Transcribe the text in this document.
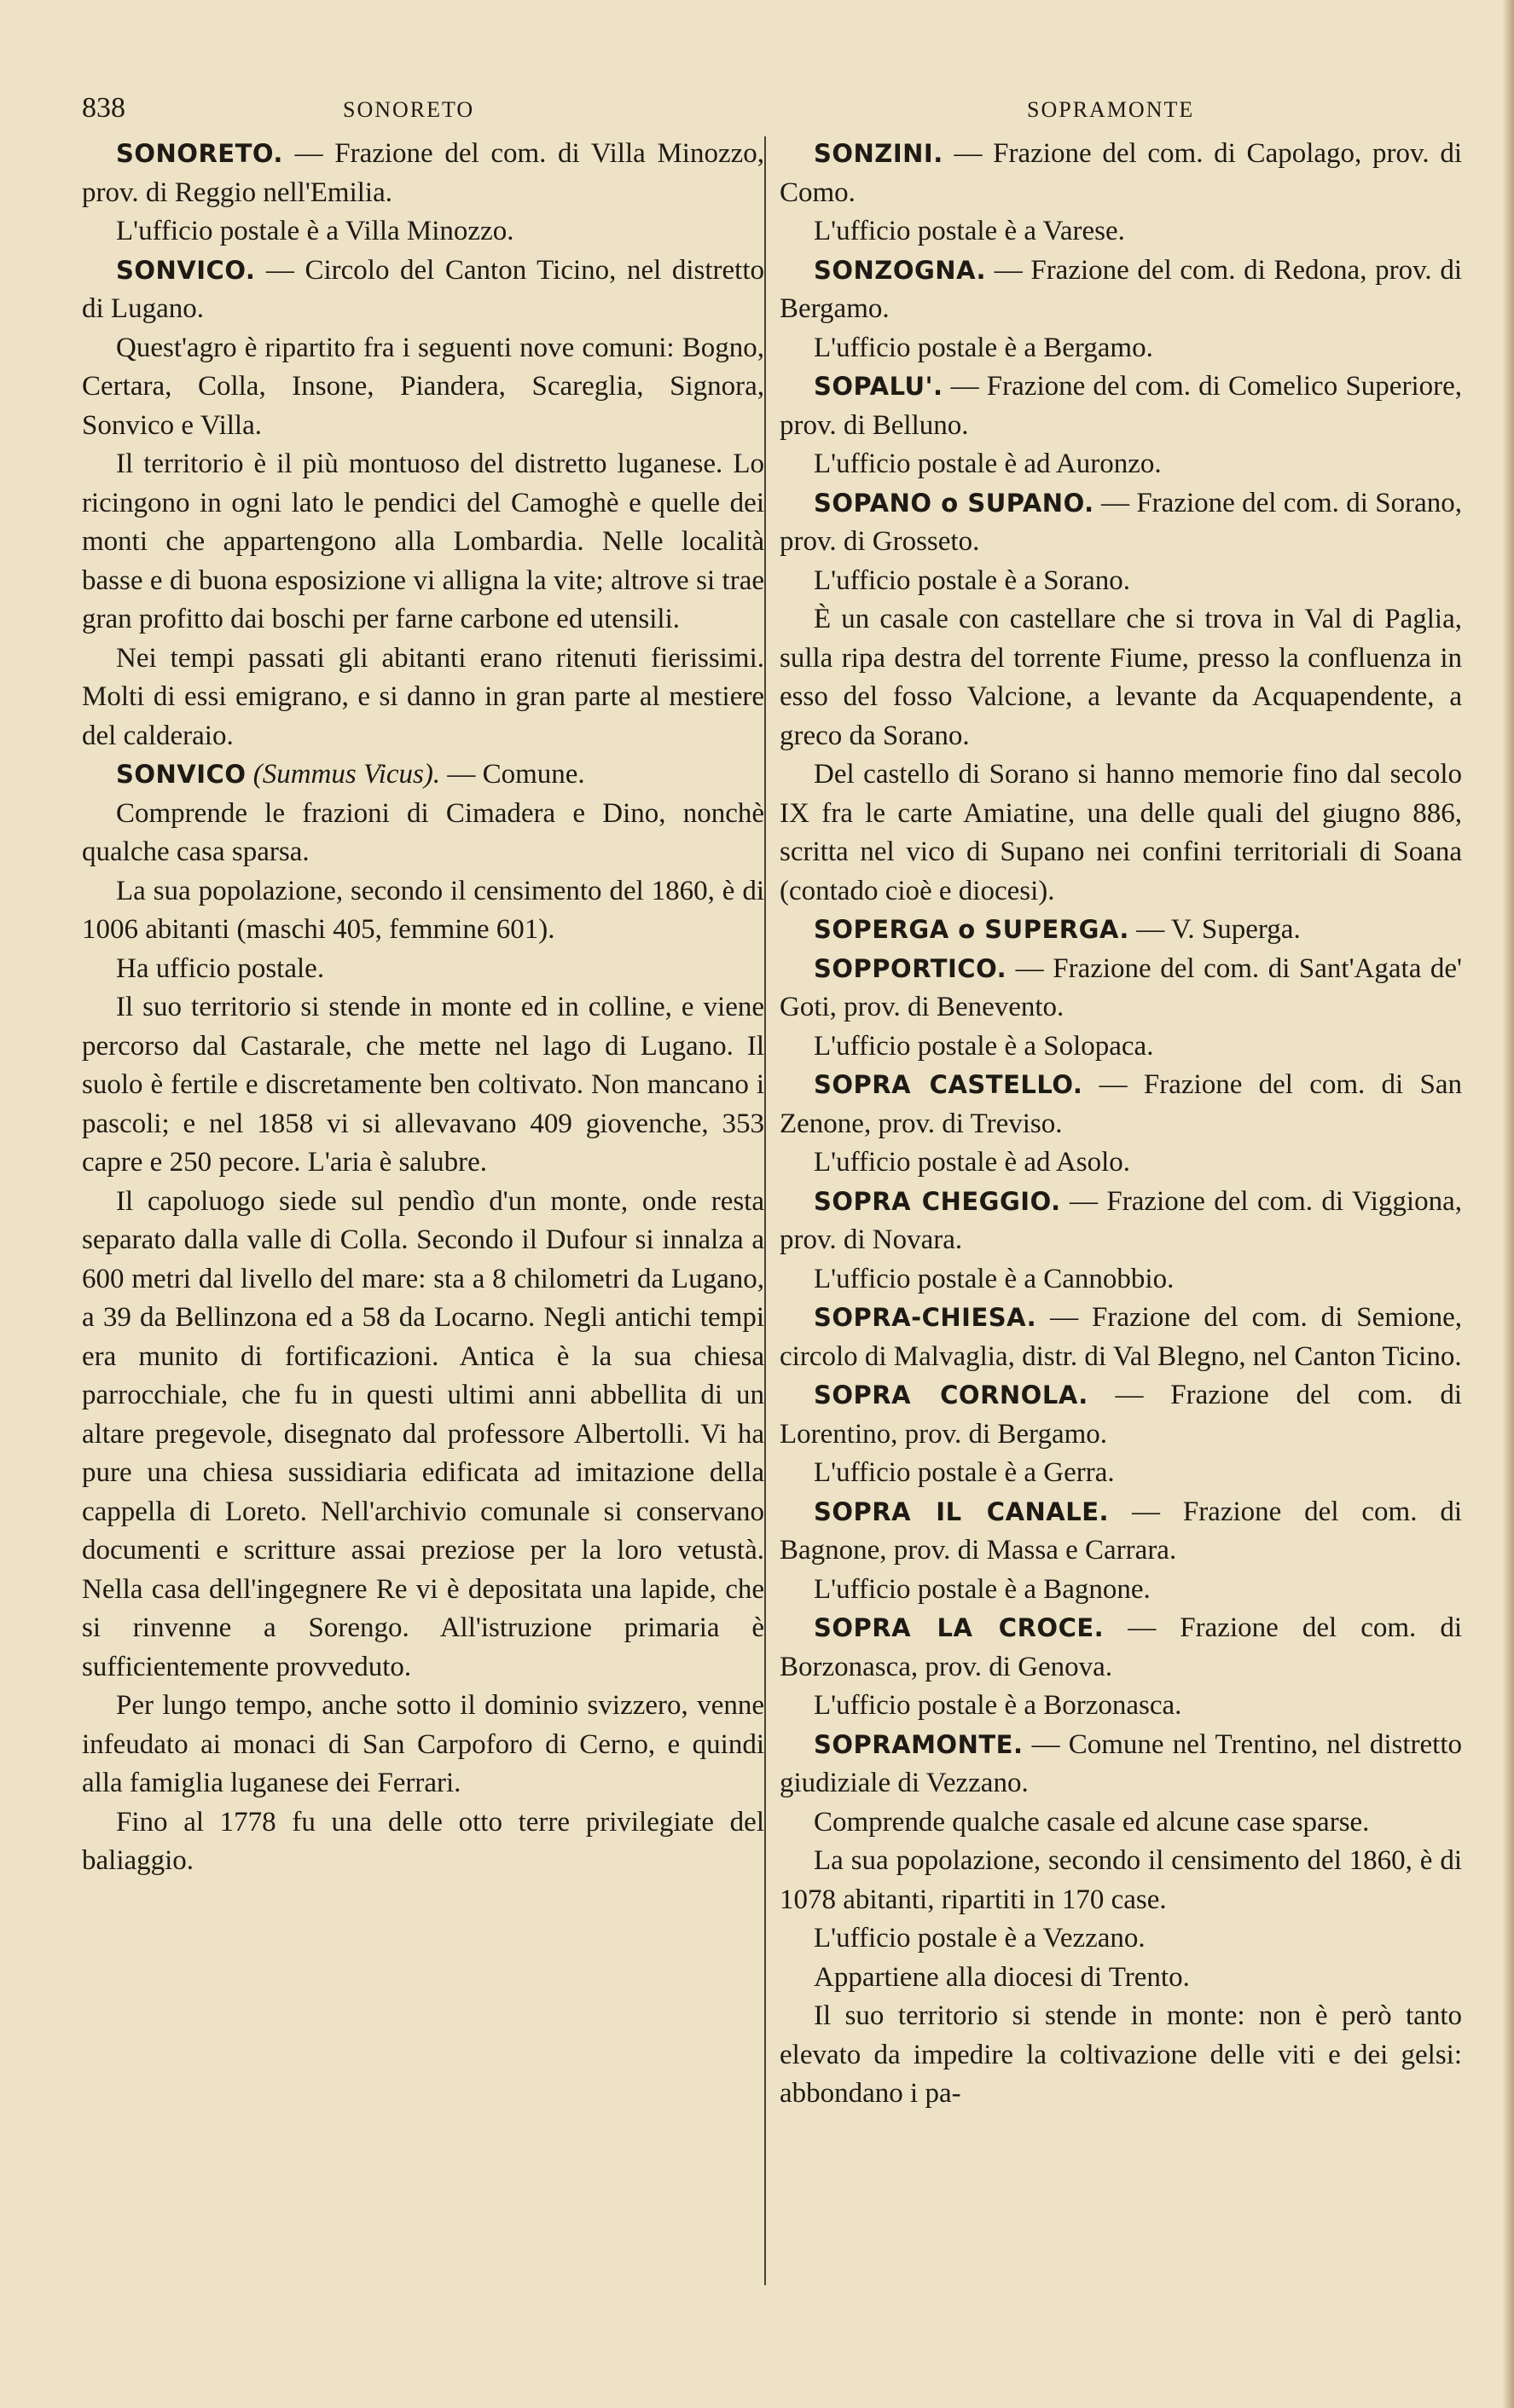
838	SONORETO	SOPRAMONTE

SONORETO. — Frazione del com. di Villa Minozzo, prov. di Reggio nell'Emilia.

L'ufficio postale è a Villa Minozzo.

SONVICO. — Circolo del Canton Ticino, nel distretto di Lugano.

Quest'agro è ripartito fra i seguenti nove comuni: Bogno, Certara, Colla, Insone, Piandera, Scareglia, Signora, Sonvico e Villa.

Il territorio è il più montuoso del distretto luganese. Lo ricingono in ogni lato le pendici del Camoghè e quelle dei monti che appartengono alla Lombardia. Nelle località basse e di buona esposizione vi alligna la vite; altrove si trae gran profitto dai boschi per farne carbone ed utensili.

Nei tempi passati gli abitanti erano ritenuti fierissimi. Molti di essi emigrano, e si danno in gran parte al mestiere del calderaio.

SONVICO (Summus Vicus). — Comune.

Comprende le frazioni di Cimadera e Dino, nonchè qualche casa sparsa.

La sua popolazione, secondo il censimento del 1860, è di 1006 abitanti (maschi 405, femmine 601).

Ha ufficio postale.

Il suo territorio si stende in monte ed in colline, e viene percorso dal Castarale, che mette nel lago di Lugano. Il suolo è fertile e discretamente ben coltivato. Non mancano i pascoli; e nel 1858 vi si allevavano 409 giovenche, 353 capre e 250 pecore. L'aria è salubre.

Il capoluogo siede sul pendìo d'un monte, onde resta separato dalla valle di Colla. Secondo il Dufour si innalza a 600 metri dal livello del mare: sta a 8 chilometri da Lugano, a 39 da Bellinzona ed a 58 da Locarno. Negli antichi tempi era munito di fortificazioni. Antica è la sua chiesa parrocchiale, che fu in questi ultimi anni abbellita di un altare pregevole, disegnato dal professore Albertolli. Vi ha pure una chiesa sussidiaria edificata ad imitazione della cappella di Loreto. Nell'archivio comunale si conservano documenti e scritture assai preziose per la loro vetustà. Nella casa dell'ingegnere Re vi è depositata una lapide, che si rinvenne a Sorengo. All'istruzione primaria è sufficientemente provveduto.

Per lungo tempo, anche sotto il dominio svizzero, venne infeudato ai monaci di San Carpoforo di Cerno, e quindi alla famiglia luganese dei Ferrari.

Fino al 1778 fu una delle otto terre privilegiate del baliaggio.

SONZINI. — Frazione del com. di Capolago, prov. di Como.

L'ufficio postale è a Varese.

SONZOGNA. — Frazione del com. di Redona, prov. di Bergamo.

L'ufficio postale è a Bergamo.

SOPALU'. — Frazione del com. di Comelico Superiore, prov. di Belluno.

L'ufficio postale è ad Auronzo.

SOPANO o SUPANO. — Frazione del com. di Sorano, prov. di Grosseto.

L'ufficio postale è a Sorano.

È un casale con castellare che si trova in Val di Paglia, sulla ripa destra del torrente Fiume, presso la confluenza in esso del fosso Valcione, a levante da Acquapendente, a greco da Sorano.

Del castello di Sorano si hanno memorie fino dal secolo IX fra le carte Amiatine, una delle quali del giugno 886, scritta nel vico di Supano nei confini territoriali di Soana (contado cioè e diocesi).

SOPERGA o SUPERGA. — V. Superga.

SOPPORTICO. — Frazione del com. di Sant'Agata de' Goti, prov. di Benevento.

L'ufficio postale è a Solopaca.

SOPRA CASTELLO. — Frazione del com. di San Zenone, prov. di Treviso.

L'ufficio postale è ad Asolo.

SOPRA CHEGGIO. — Frazione del com. di Viggiona, prov. di Novara.

L'ufficio postale è a Cannobbio.

SOPRA-CHIESA. — Frazione del com. di Semione, circolo di Malvaglia, distr. di Val Blegno, nel Canton Ticino.

SOPRA CORNOLA. — Frazione del com. di Lorentino, prov. di Bergamo.

L'ufficio postale è a Gerra.

SOPRA IL CANALE. — Frazione del com. di Bagnone, prov. di Massa e Carrara.

L'ufficio postale è a Bagnone.

SOPRA LA CROCE. — Frazione del com. di Borzonasca, prov. di Genova.

L'ufficio postale è a Borzonasca.

SOPRAMONTE. — Comune nel Trentino, nel distretto giudiziale di Vezzano.

Comprende qualche casale ed alcune case sparse.

La sua popolazione, secondo il censimento del 1860, è di 1078 abitanti, ripartiti in 170 case.

L'ufficio postale è a Vezzano.

Appartiene alla diocesi di Trento.

Il suo territorio si stende in monte: non è però tanto elevato da impedire la coltivazione delle viti e dei gelsi: abbondano i pa-
